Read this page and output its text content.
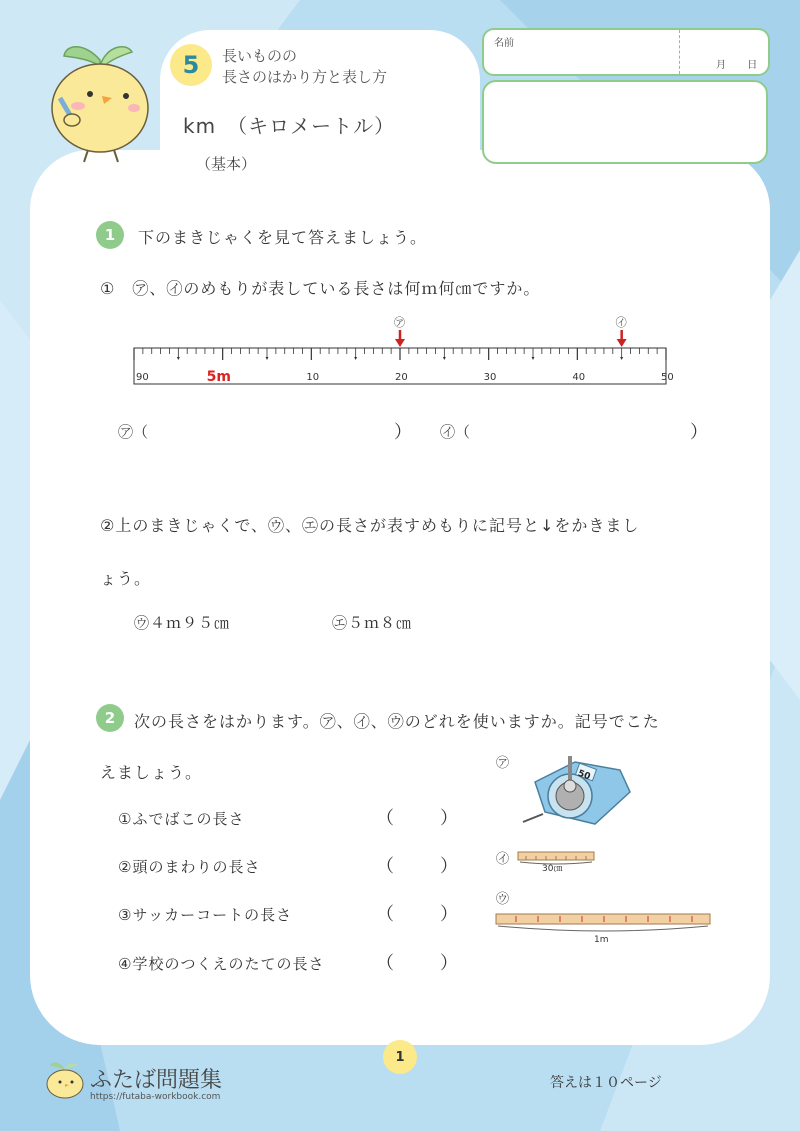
5	長いものの
長さのはかり方と表し方
km　（キロメートル）
（基本）
名前
月 日
1	下のまきじゃくを見て答えましょう。
①　㋐、㋑のめもりが表している長さは何ｍ何㎝ですか。
90	10	20	30	40	50
5m
㋐	㋑
㋐（	） ㋑（	）
②上のまきじゃくで、㋒、㋓の長さが表すめもりに記号と↓をかきまし
ょう。
㋒４ｍ９５㎝	㋓５ｍ８㎝
2	次の長さをはかります。㋐、㋑、㋒のどれを使いますか。記号でこた
えましょう。
①ふでばこの長さ	（	）
②頭のまわりの長さ	（	）
③サッカーコートの長さ	（	）
④学校のつくえのたての長さ	（	）
㋐
50
㋑
30㎝
㋒
1m
1
ふたば問題集
https://futaba-workbook.com
答えは１０ページ
